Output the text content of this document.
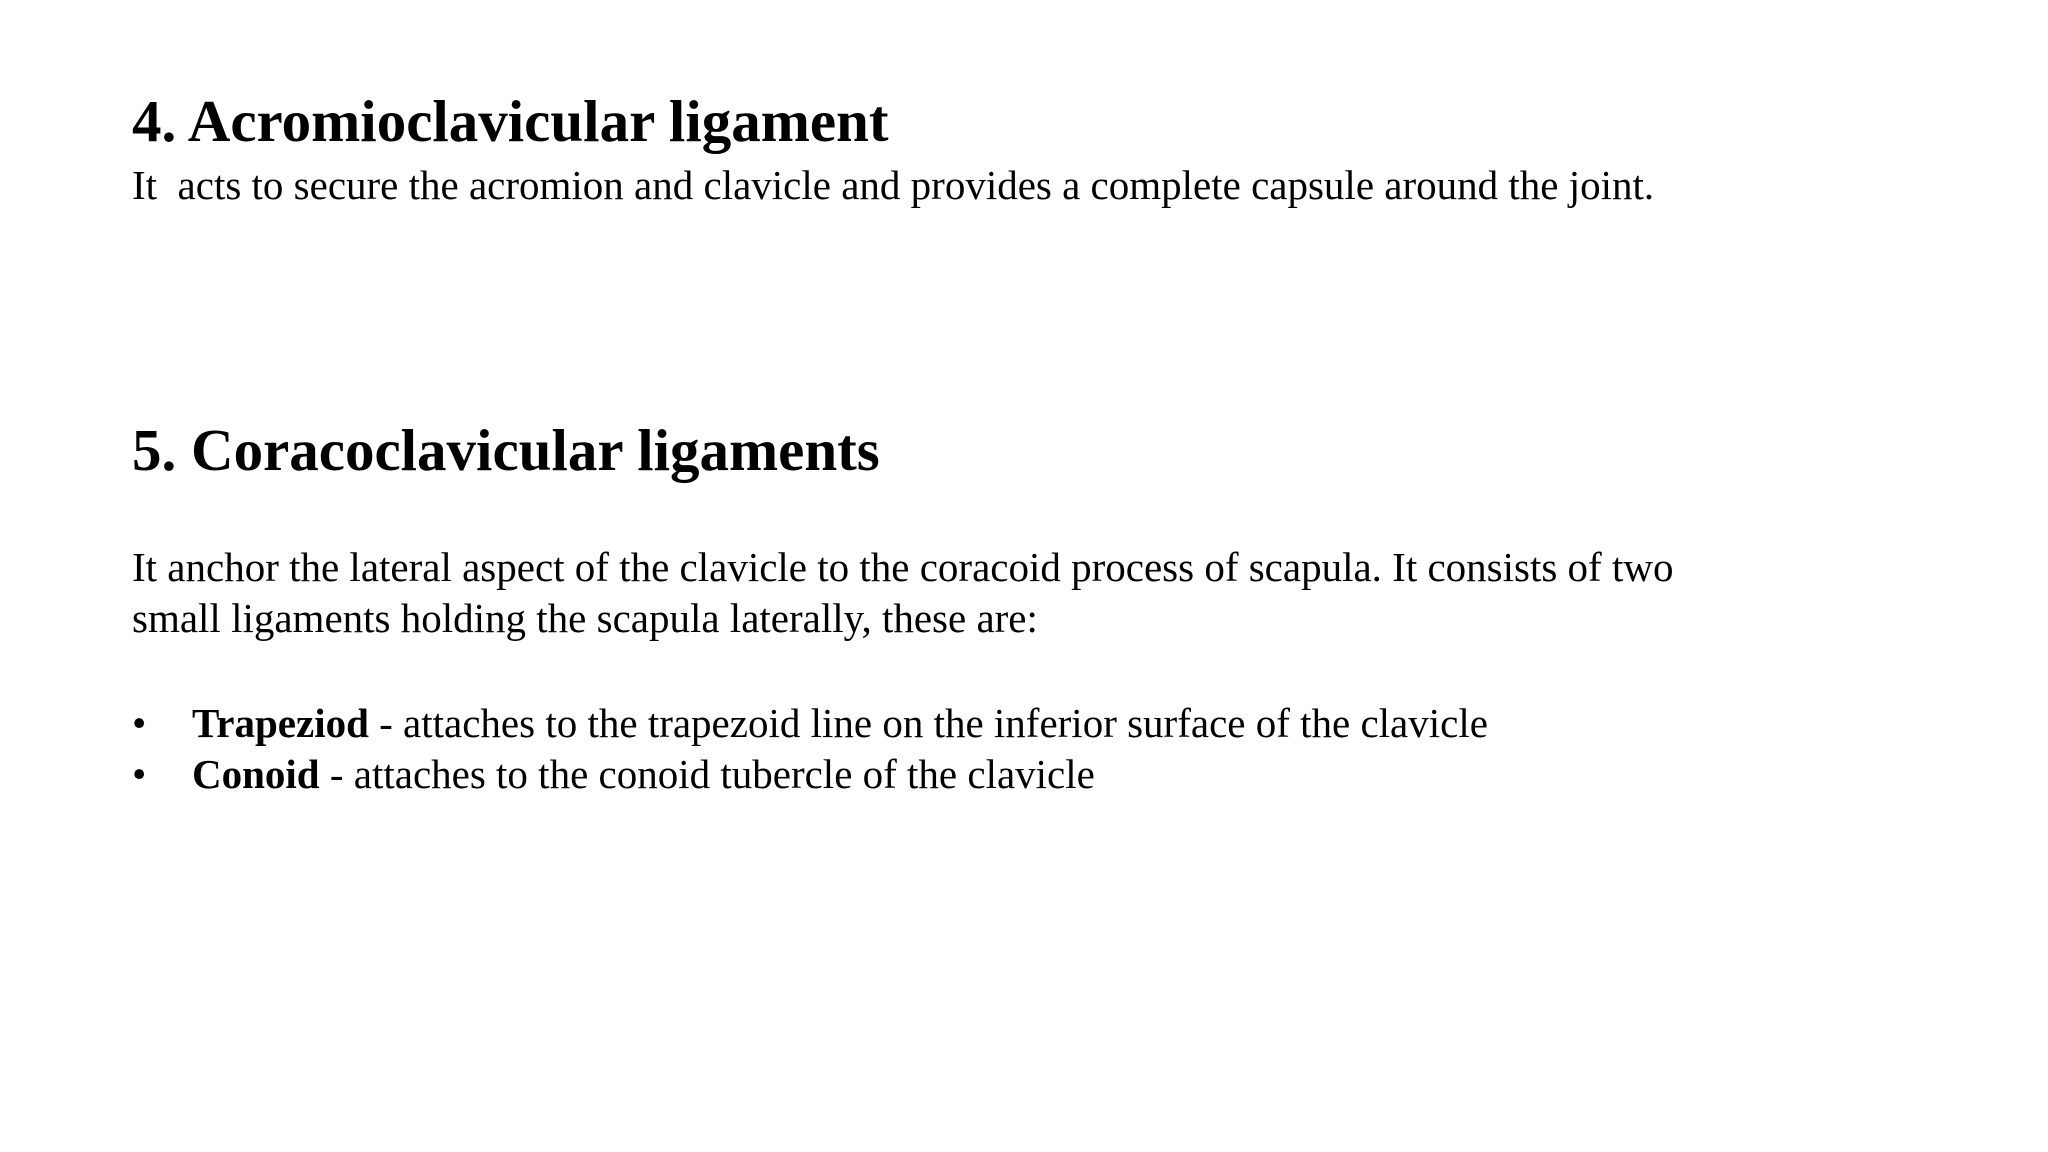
4. Acromioclavicular ligament

It  acts to secure the acromion and clavicle and provides a complete capsule around the joint.

5. Coracoclavicular ligaments
It anchor the lateral aspect of the clavicle to the coracoid process of scapula. It consists of two
small ligaments holding the scapula laterally, these are:
• Trapeziod - attaches to the trapezoid line on the inferior surface of the clavicle
• Conoid - attaches to the conoid tubercle of the clavicle
